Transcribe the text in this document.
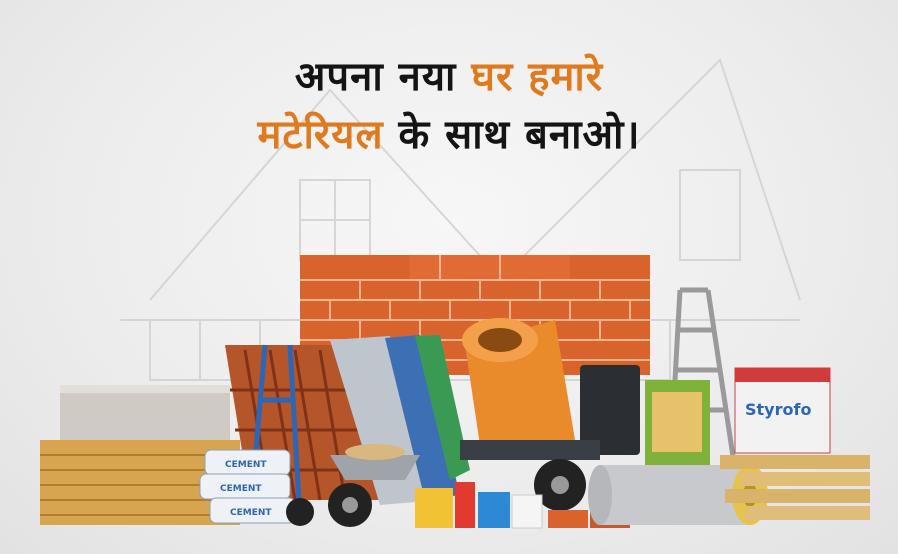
CEMENT
CEMENT
CEMENT
Styrofo
अपना नया घर हमारे
मटेरियल के साथ बनाओ।
